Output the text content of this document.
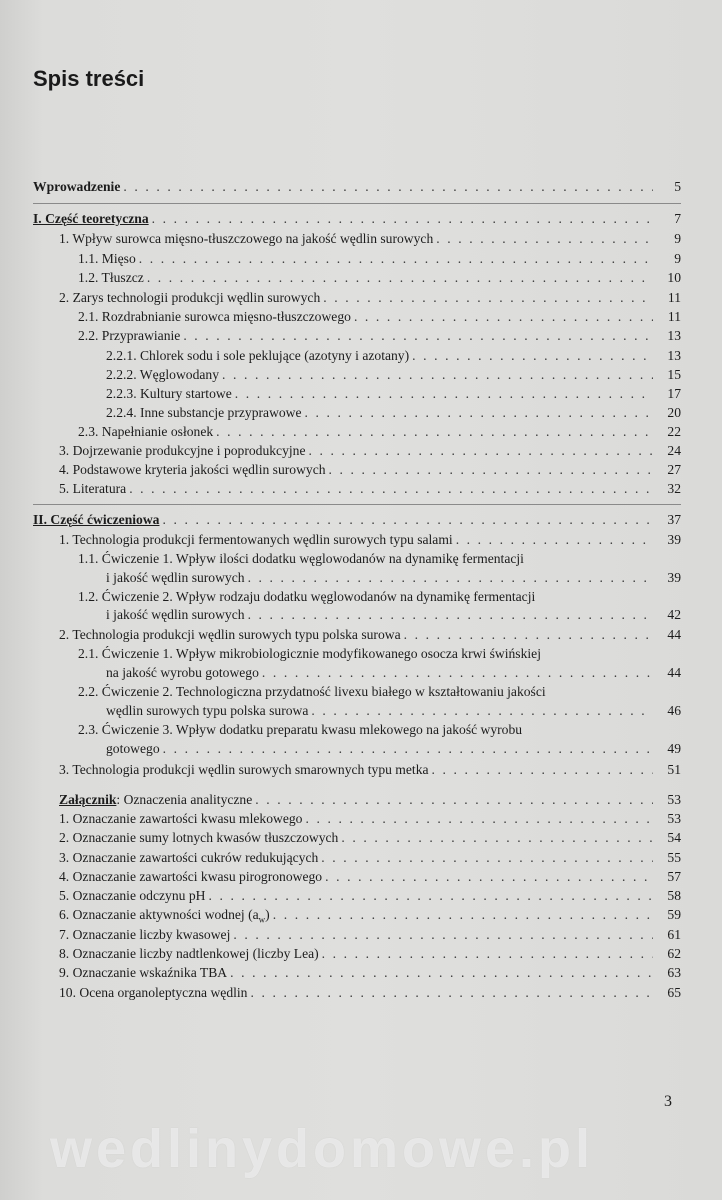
Spis treści
Wprowadzenie . . .	5
I. Część teoretyczna . . .	7
1. Wpływ surowca mięsno-tłuszczowego na jakość wędlin surowych . . .	9
1.1. Mięso . . .	9
1.2. Tłuszcz . . .	10
2. Zarys technologii produkcji wędlin surowych . . .	11
2.1. Rozdrabnianie surowca mięsno-tłuszczowego . . .	11
2.2. Przyprawianie . . .	13
2.2.1. Chlorek sodu i sole peklujące (azotyny i azotany) . . .	13
2.2.2. Węglowodany . . .	15
2.2.3. Kultury startowe . . .	17
2.2.4. Inne substancje przyprawowe . . .	20
2.3. Napełnianie osłonek . . .	22
3. Dojrzewanie produkcyjne i poprodukcyjne . . .	24
4. Podstawowe kryteria jakości wędlin surowych . . .	27
5. Literatura . . .	32
II. Część ćwiczeniowa . . .	37
1. Technologia produkcji fermentowanych wędlin surowych typu salami . . .	39
1.1. Ćwiczenie 1. Wpływ ilości dodatku węglowodanów na dynamikę fermentacji
i jakość wędlin surowych . . .	39
1.2. Ćwiczenie 2. Wpływ rodzaju dodatku węglowodanów na dynamikę fermentacji
i jakość wędlin surowych . . .	42
2. Technologia produkcji wędlin surowych typu polska surowa . . .	44
2.1. Ćwiczenie 1. Wpływ mikrobiologicznie modyfikowanego osocza krwi świńskiej
na jakość wyrobu gotowego . . .	44
2.2. Ćwiczenie 2. Technologiczna przydatność livexu białego w kształtowaniu jakości
wędlin surowych typu polska surowa . . .	46
2.3. Ćwiczenie 3. Wpływ dodatku preparatu kwasu mlekowego na jakość wyrobu
gotowego . . .	49
3. Technologia produkcji wędlin surowych smarownych typu metka . . .	51
Załącznik: Oznaczenia analityczne . . .	53
1. Oznaczanie zawartości kwasu mlekowego . . .	53
2. Oznaczanie sumy lotnych kwasów tłuszczowych . . .	54
3. Oznaczanie zawartości cukrów redukujących . . .	55
4. Oznaczanie zawartości kwasu pirogronowego . . .	57
5. Oznaczanie odczynu pH . . .	58
6. Oznaczanie aktywności wodnej $(a_w)$ . . .	59
7. Oznaczanie liczby kwasowej . . .	61
8. Oznaczanie liczby nadtlenkowej (liczby Lea) . . .	62
9. Oznaczanie wskaźnika TBA . . .	63
10. Ocena organoleptyczna wędlin . . .	65
3
wedlinydomowe.pl
